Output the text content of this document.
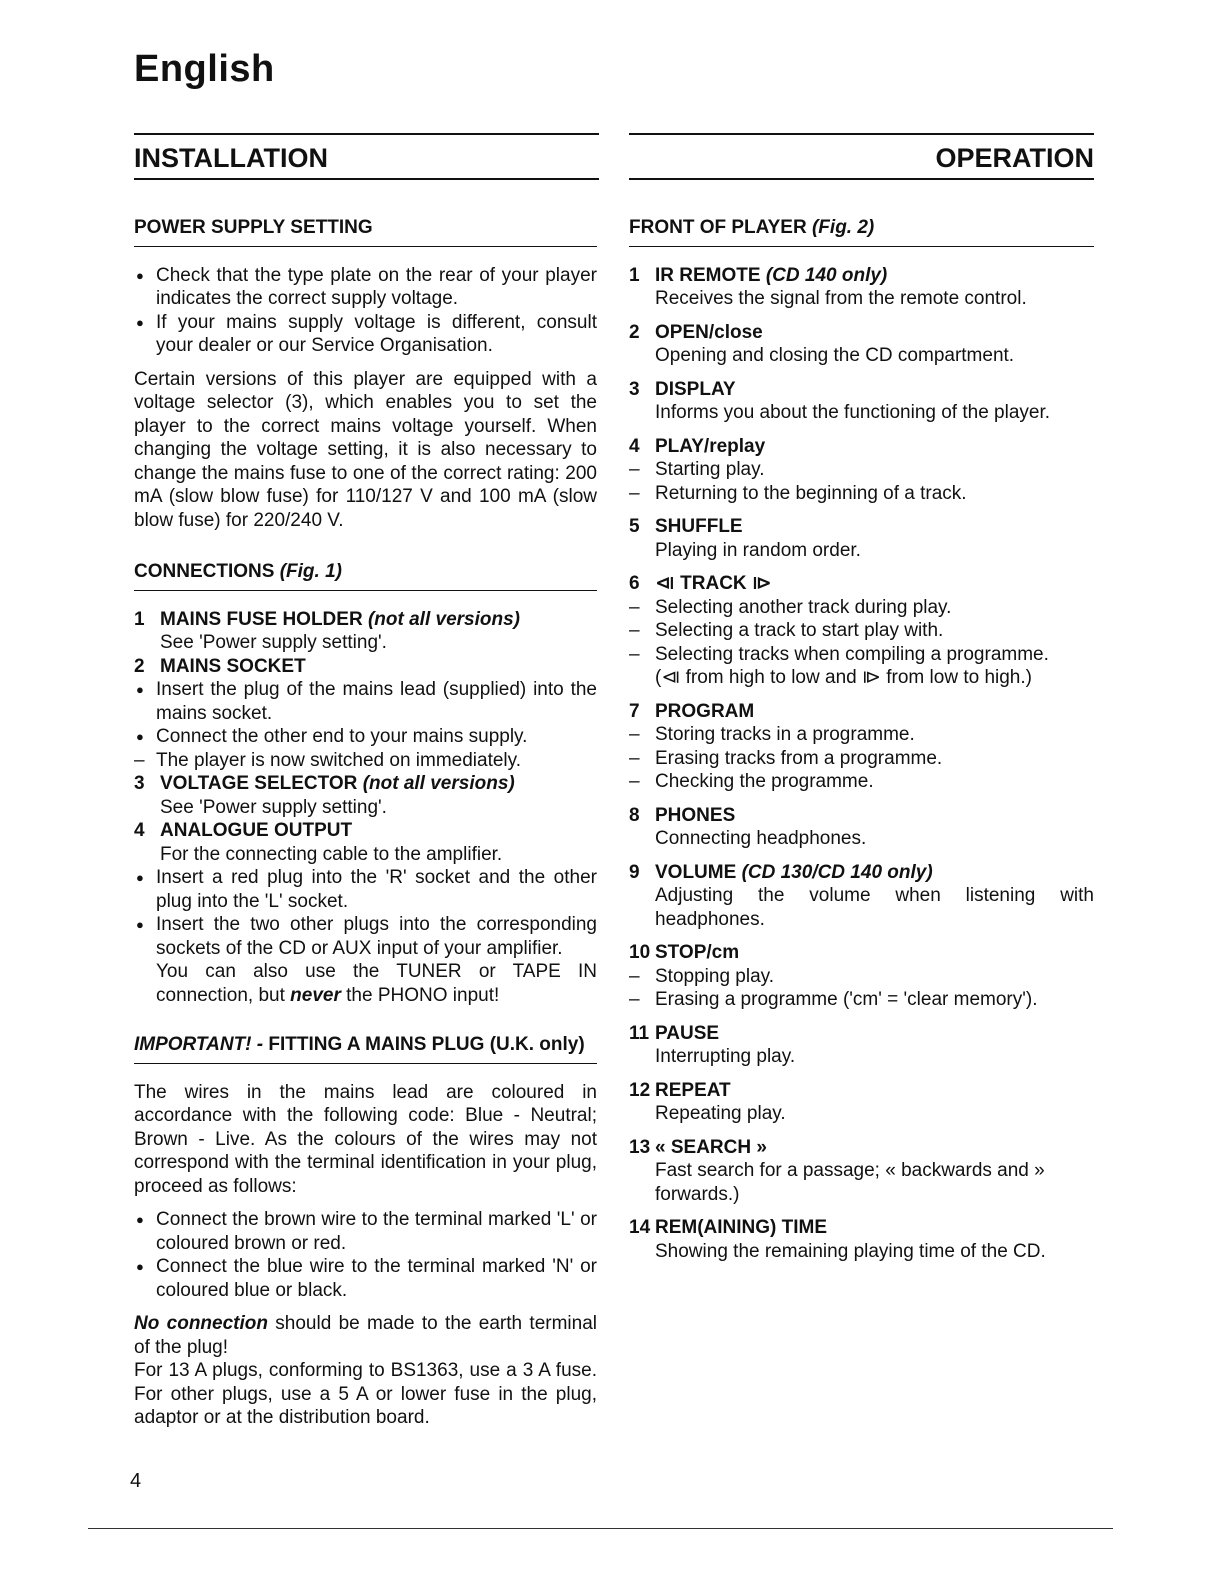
English
INSTALLATION	OPERATION
POWER SUPPLY SETTING

● Check that the type plate on the rear of your player indicates the correct supply voltage.

● If your mains supply voltage is different, consult your dealer or our Service Organisation.

Certain versions of this player are equipped with a voltage selector (3), which enables you to set the player to the correct mains voltage yourself. When changing the voltage setting, it is also necessary to change the mains fuse to one of the correct rating: 200 mA (slow blow fuse) for 110/127 V and 100 mA (slow blow fuse) for 220/240 V.

CONNECTIONS (Fig. 1)
1 MAINS FUSE HOLDER (not all versions)
See 'Power supply setting'.
2 MAINS SOCKET

● Insert the plug of the mains lead (supplied) into the mains socket.

● Connect the other end to your mains supply.

– The player is now switched on immediately.

3 VOLTAGE SELECTOR (not all versions)
See 'Power supply setting'.
4 ANALOGUE OUTPUT
For the connecting cable to the amplifier.

● Insert a red plug into the 'R' socket and the other plug into the 'L' socket.

● Insert the two other plugs into the corresponding sockets of the CD or AUX input of your amplifier.

You can also use the TUNER or TAPE IN connection, but never the PHONO input!

IMPORTANT! - FITTING A MAINS PLUG (U.K. only)

The wires in the mains lead are coloured in accordance with the following code: Blue - Neutral; Brown - Live. As the colours of the wires may not correspond with the terminal identification in your plug, proceed as follows:

● Connect the brown wire to the terminal marked 'L' or coloured brown or red.

● Connect the blue wire to the terminal marked 'N' or coloured blue or black.

No connection should be made to the earth terminal of the plug!

For 13 A plugs, conforming to BS1363, use a 3 A fuse. For other plugs, use a 5 A or lower fuse in the plug, adaptor or at the distribution board.

FRONT OF PLAYER (Fig. 2)
1 IR REMOTE (CD 140 only)
Receives the signal from the remote control.
2 OPEN/close
Opening and closing the CD compartment.
3 DISPLAY
Informs you about the functioning of the player.
4 PLAY/replay
– Starting play.
– Returning to the beginning of a track.
5 SHUFFLE
Playing in random order.
6 ⧏ TRACK ⧐
– Selecting another track during play.
– Selecting a track to start play with.
– Selecting tracks when compiling a programme.
(⧏ from high to low and ⧐ from low to high.)
7 PROGRAM
– Storing tracks in a programme.
– Erasing tracks from a programme.
– Checking the programme.
8 PHONES
Connecting headphones.
9 VOLUME (CD 130/CD 140 only)
Adjusting the volume when listening with headphones.
10 STOP/cm
– Stopping play.
– Erasing a programme ('cm' = 'clear memory').
11 PAUSE
Interrupting play.
12 REPEAT
Repeating play.
13 « SEARCH »
Fast search for a passage; « backwards and » forwards.)
14 REM(AINING) TIME
Showing the remaining playing time of the CD.
4
